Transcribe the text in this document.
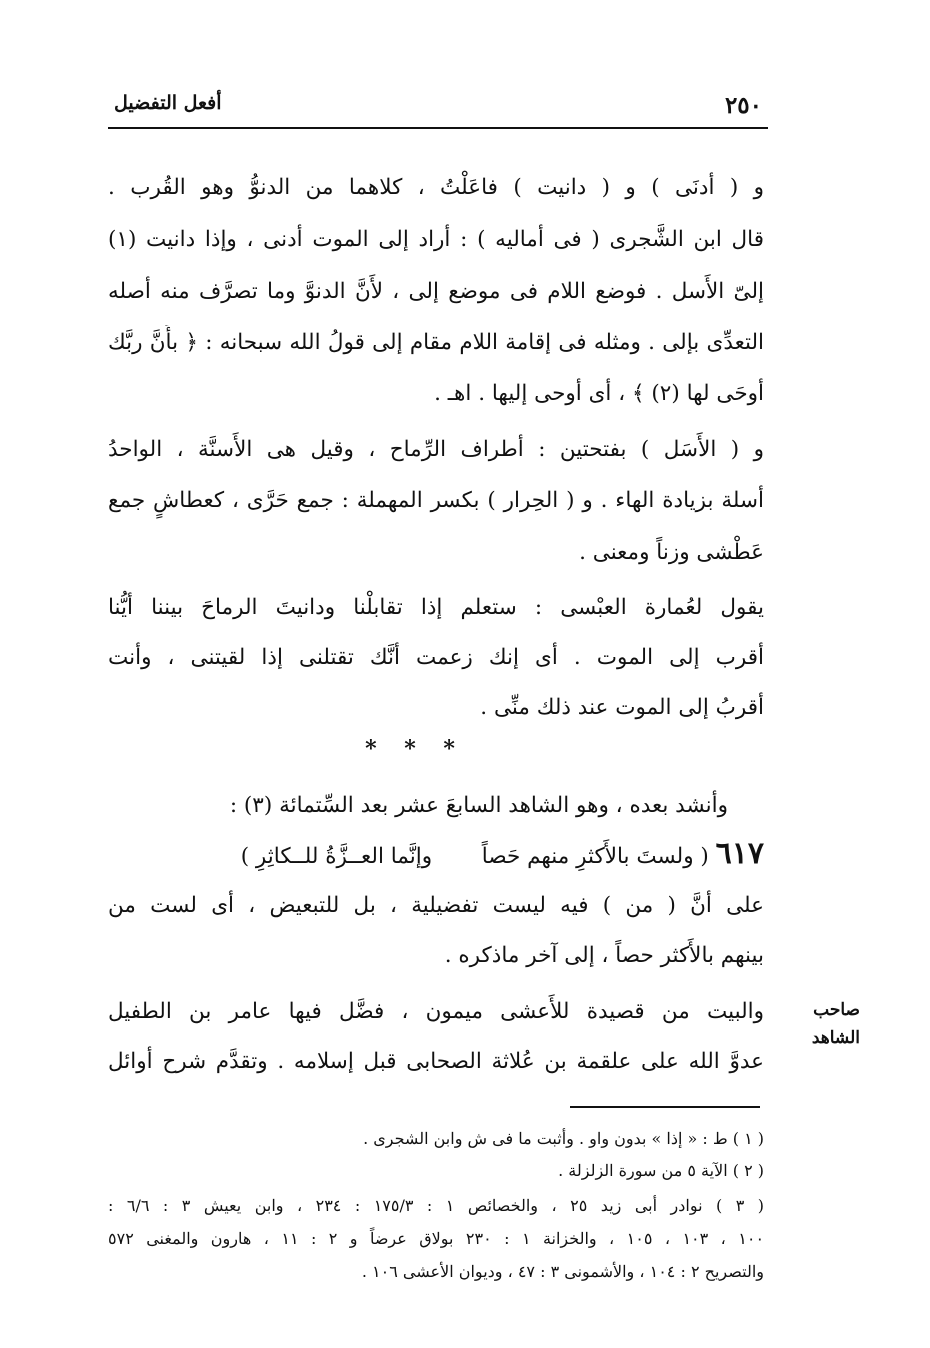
٢٥٠
أفعل التفضيل
و ( أدنَى ) و ( دانيت ) فاعَلْتُ ، كلاهما من الدنوُّ وهو القُرب .
قال ابن الشَّجرى ( فى أماليه ) : أراد إلى الموت أدنى ، وإذا دانيت (١)
إلىّ الأَسل . فوضع اللام فى موضع إلى ، لأَنَّ الدنوَّ وما تصرَّف منه أصله
التعدِّى بإلى . ومثله فى إقامة اللام مقام إلى قولُ الله سبحانه : ﴿ بأَنَّ ربَّك
أوحَى لها (٢) ﴾ ، أى أوحى إليها . اهـ .
و ( الأَسَل ) بفتحتين : أطراف الرِّماح ، وقيل هى الأَسنَّة ، الواحدُ
أسلة بزيادة الهاء . و ( الحِرار ) بكسر المهملة : جمع حَرَّى ، كعطاشٍ جمع
عَطْشى وزناً ومعنى .
يقول لعُمارة العبْسى : ستعلم إذا تقابلْنا ودانيتَ الرماحَ بيننا أيُّنا
أقرب إلى الموت . أى إنك زعمت أنَّك تقتلنى إذا لقيتنى ، وأنت
أقربُ إلى الموت عند ذلك منِّى .
* * *
وأنشد بعده ، وهو الشاهد السابعَ عشر بعد السِّتمائة (٣) :
٦١٧ ( ولستَ بالأَكثرِ منهم حَصاً  وإنَّما العــزَّةُ للــكاثِرِ )
على أنَّ ( من ) فيه ليست تفضيلية ، بل للتبعيض ، أى لست من
بينهم بالأَكثر حصاً ، إلى آخر ماذكره .
صاحب الشاهد
والبيت من قصيدة للأَعشى ميمون ، فضَّل فيها عامر بن الطفيل
عدوَّ الله على علقمة بن عُلاثة الصحابى قبل إسلامه . وتقدَّم شرح أوائل
( ١ ) ط : « إذا » بدون واو . وأثبت ما فى ش وابن الشجرى .
( ٢ ) الآية ٥ من سورة الزلزلة .
( ٣ ) نوادر أبى زيد ٢٥ ، والخصائص ١ : ١٧٥/٣ : ٢٣٤ ، وابن يعيش ٣ : ٦/٦ :
١٠٠ ، ١٠٣ ، ١٠٥ ، والخزانة ١ : ٢٣٠ بولاق عرضاً و ٢ : ١١ ، هارون والمغنى ٥٧٢
والتصريح ٢ : ١٠٤ ، والأشمونى ٣ : ٤٧ ، وديوان الأعشى ١٠٦ .
